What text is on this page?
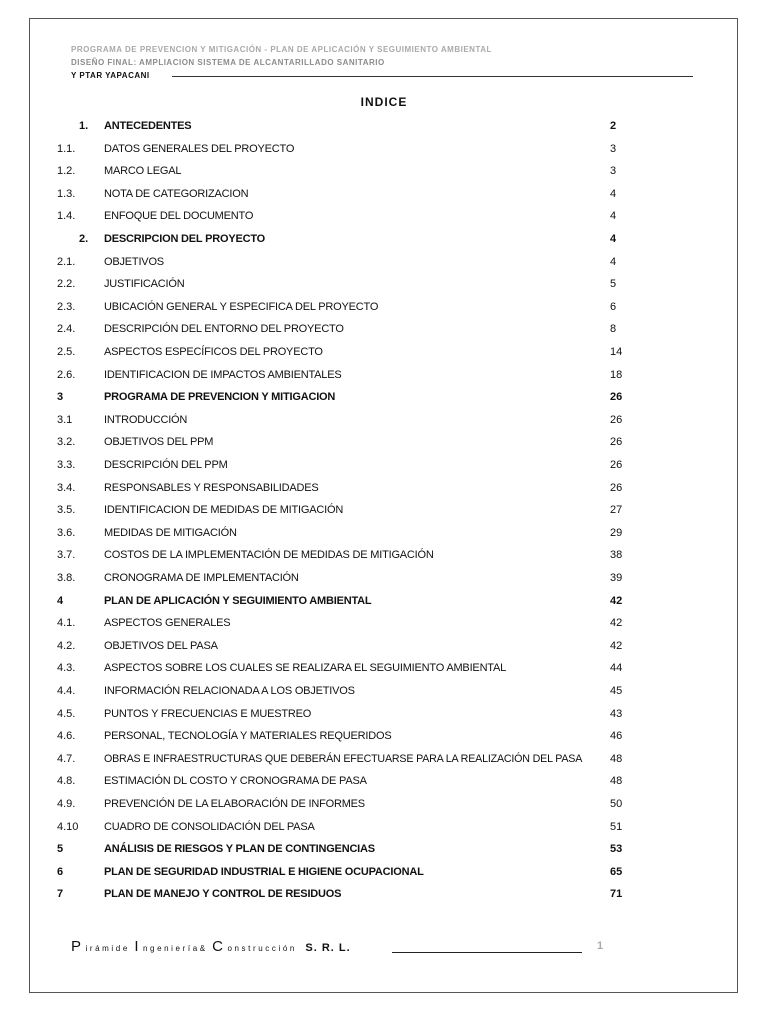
PROGRAMA DE PREVENCION Y MITIGACIÓN - PLAN DE APLICACIÓN Y SEGUIMIENTO AMBIENTAL
DISEÑO FINAL: AMPLIACION SISTEMA DE ALCANTARILLADO SANITARIO
Y PTAR YAPACANI
INDICE
1. ANTECEDENTES	2
1.1.	DATOS GENERALES DEL PROYECTO	3
1.2.	MARCO LEGAL	3
1.3.	NOTA DE CATEGORIZACION	4
1.4.	ENFOQUE DEL DOCUMENTO	4
2. DESCRIPCION DEL PROYECTO	4
2.1.	OBJETIVOS	4
2.2.	JUSTIFICACIÓN	5
2.3.	UBICACIÓN GENERAL Y ESPECIFICA DEL PROYECTO	6
2.4.	DESCRIPCIÓN DEL ENTORNO DEL PROYECTO	8
2.5.	ASPECTOS ESPECÍFICOS DEL PROYECTO	14
2.6.	IDENTIFICACION DE IMPACTOS AMBIENTALES	18
3	PROGRAMA DE PREVENCION Y MITIGACION	26
3.1	INTRODUCCIÓN	26
3.2.	OBJETIVOS DEL PPM	26
3.3.	DESCRIPCIÓN DEL PPM	26
3.4.	RESPONSABLES Y RESPONSABILIDADES	26
3.5.	IDENTIFICACION DE MEDIDAS DE MITIGACIÓN	27
3.6.	MEDIDAS DE MITIGACIÓN	29
3.7.	COSTOS DE LA IMPLEMENTACIÓN DE MEDIDAS DE MITIGACIÓN	38
3.8.	CRONOGRAMA DE IMPLEMENTACIÓN	39
4	PLAN DE APLICACIÓN Y SEGUIMIENTO AMBIENTAL	42
4.1.	ASPECTOS GENERALES	42
4.2.	OBJETIVOS DEL PASA	42
4.3.	ASPECTOS SOBRE LOS CUALES SE REALIZARA EL SEGUIMIENTO AMBIENTAL	44
4.4.	INFORMACIÓN RELACIONADA A LOS OBJETIVOS	45
4.5.	PUNTOS Y FRECUENCIAS E MUESTREO	43
4.6.	PERSONAL, TECNOLOGÍA Y MATERIALES REQUERIDOS	46
4.7.	OBRAS E INFRAESTRUCTURAS QUE DEBERÁN EFECTUARSE PARA LA REALIZACIÓN DEL PASA	48
4.8.	ESTIMACIÓN DL COSTO Y CRONOGRAMA DE PASA	48
4.9.	PREVENCIÓN DE LA ELABORACIÓN DE INFORMES	50
4.10 CUADRO DE CONSOLIDACIÓN DEL PASA	51
5	ANÁLISIS DE RIESGOS Y PLAN DE CONTINGENCIAS	53
6	PLAN DE SEGURIDAD INDUSTRIAL E HIGIENE OCUPACIONAL	65
7	PLAN DE MANEJO Y CONTROL DE RESIDUOS	71
P irámide I ngeniería& C onstrucción S. R. L.	1
